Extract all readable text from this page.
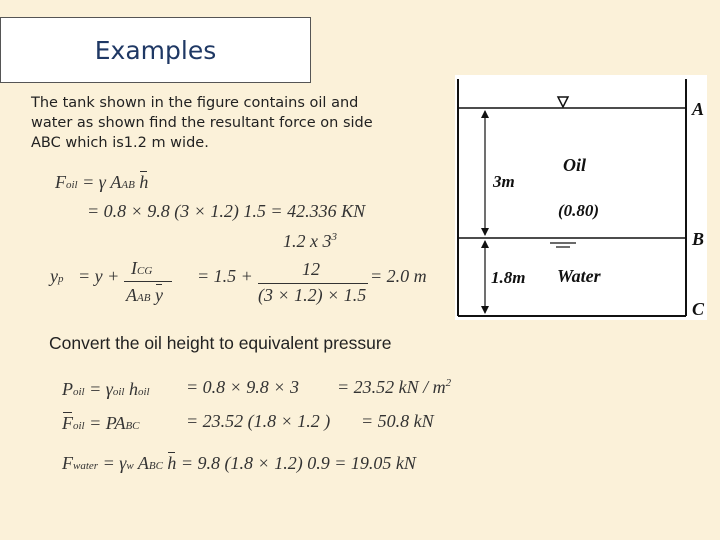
Examples
The tank shown in the figure contains oil and water as shown find the resultant force on side ABC which is1.2 m wide.
Foil = γ AAB h
= 0.8 × 9.8 (3 × 1.2) 1.5 = 42.336 KN
1.2 x $3^3$
yp = y + ICG
AAB y
= 1.5 +	12
(3 × 1.2) × 1.5
= 2.0 m
Convert the oil height to equivalent pressure
Poil = γoil hoil = 0.8 × 9.8 × 3 = 23.52 kN / $m^2$
Foil = PABC	= 23.52 (1.8 × 1.2 ) = 50.8 kN
Fwater = γw ABC h = 9.8 (1.8 × 1.2) 0.9 = 19.05 kN
A
B
C
Oil
(0.80)
Water
3m
1.8m
